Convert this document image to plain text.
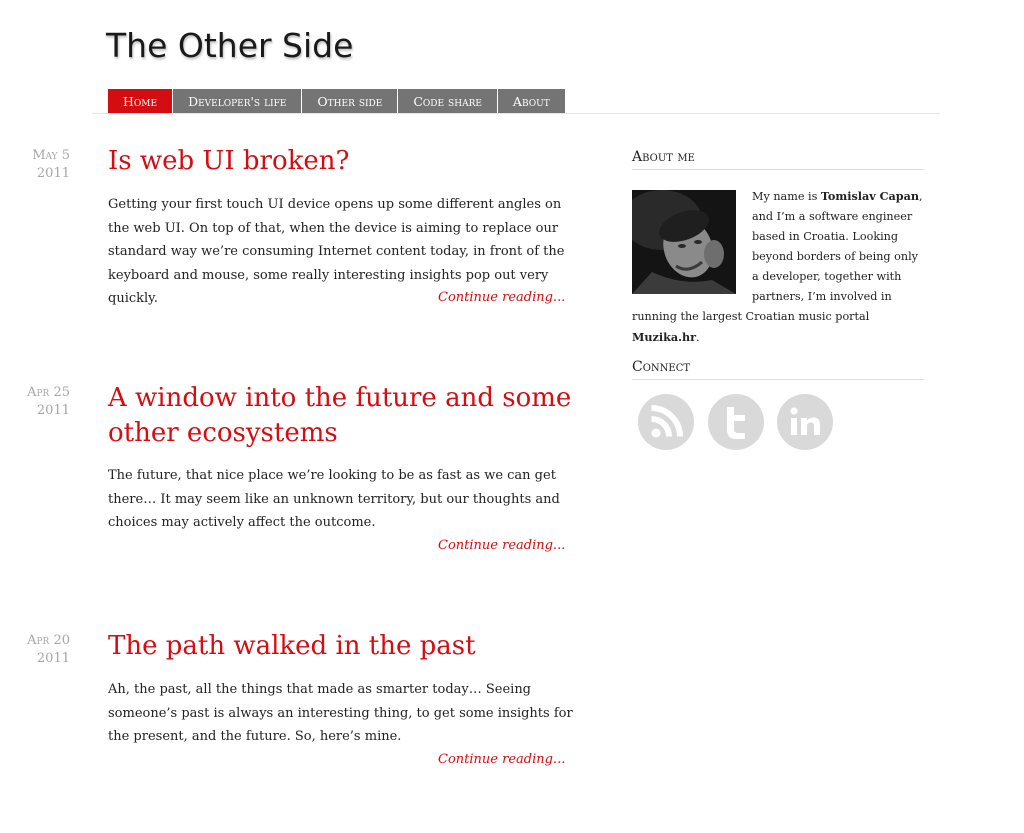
The Other Side
Home	Developer's life	Other side	Code share	About
May 5
2011 Is web UI broken?

Getting your first touch UI device opens up some different angles on the web UI. On top of that, when the device is aiming to replace our standard way we’re consuming Internet content today, in front of the keyboard and mouse, some really interesting insights pop out very quickly.	Continue reading...
Apr 25
2011 A window into the future and some other ecosystems

The future, that nice place we’re looking to be as fast as we can get there… It may seem like an unknown territory, but our thoughts and choices may actively affect the outcome.

Continue reading...
Apr 20
2011 The path walked in the past

Ah, the past, all the things that made as smarter today… Seeing someone’s past is always an interesting thing, to get some insights for the present, and the future. So, here’s mine.

Continue reading...
About me

My name is Tomislav Capan, and I’m a software engineer based in Croatia. Looking beyond borders of being only a developer, together with partners, I’m involved in running the largest Croatian music portal Muzika.hr.

Connect
